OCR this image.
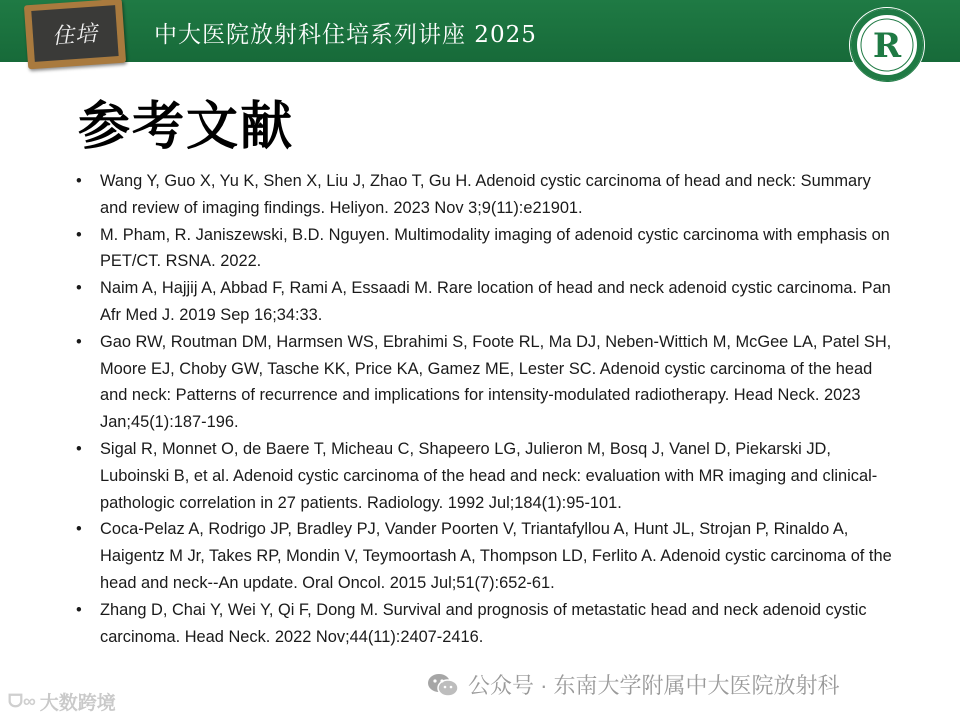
住培 中大医院放射科住培系列讲座 2025	R
参考文献
•	Wang Y, Guo X, Yu K, Shen X, Liu J, Zhao T, Gu H. Adenoid cystic carcinoma of head and neck: Summary and review of imaging findings. Heliyon. 2023 Nov 3;9(11):e21901.
•	M. Pham, R. Janiszewski, B.D. Nguyen. Multimodality imaging of adenoid cystic carcinoma with emphasis on PET/CT. RSNA. 2022.
•	Naim A, Hajjij A, Abbad F, Rami A, Essaadi M. Rare location of head and neck adenoid cystic carcinoma. Pan Afr Med J. 2019 Sep 16;34:33.
•	Gao RW, Routman DM, Harmsen WS, Ebrahimi S, Foote RL, Ma DJ, Neben-Wittich M, McGee LA, Patel SH, Moore EJ, Choby GW, Tasche KK, Price KA, Gamez ME, Lester SC. Adenoid cystic carcinoma of the head and neck: Patterns of recurrence and implications for intensity-modulated radiotherapy. Head Neck. 2023 Jan;45(1):187-196.
•	Sigal R, Monnet O, de Baere T, Micheau C, Shapeero LG, Julieron M, Bosq J, Vanel D, Piekarski JD, Luboinski B, et al. Adenoid cystic carcinoma of the head and neck: evaluation with MR imaging and clinical-pathologic correlation in 27 patients. Radiology. 1992 Jul;184(1):95-101.
•	Coca-Pelaz A, Rodrigo JP, Bradley PJ, Vander Poorten V, Triantafyllou A, Hunt JL, Strojan P, Rinaldo A, Haigentz M Jr, Takes RP, Mondin V, Teymoortash A, Thompson LD, Ferlito A. Adenoid cystic carcinoma of the head and neck--An update. Oral Oncol. 2015 Jul;51(7):652-61.
•	Zhang D, Chai Y, Wei Y, Qi F, Dong M. Survival and prognosis of metastatic head and neck adenoid cystic carcinoma. Head Neck. 2022 Nov;44(11):2407-2416.
ᗜ∞ 大数跨境
公众号 · 东南大学附属中大医院放射科
